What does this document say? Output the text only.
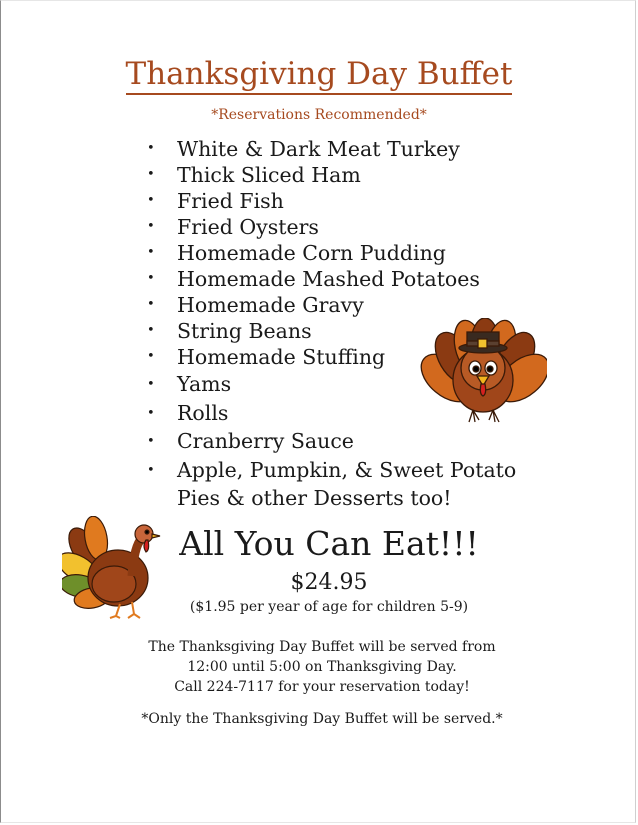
Thanksgiving Day Buffet
*Reservations Recommended*
• White & Dark Meat Turkey
• Thick Sliced Ham
• Fried Fish
• Fried Oysters
• Homemade Corn Pudding
• Homemade Mashed Potatoes
• Homemade Gravy
• String Beans
• Homemade Stuffing
• Yams
• Rolls
• Cranberry Sauce
• Apple, Pumpkin, & Sweet Potato
Pies & other Desserts too!
All You Can Eat!!!
$24.95
($1.95 per year of age for children 5-9)
The Thanksgiving Day Buffet will be served from
12:00 until 5:00 on Thanksgiving Day.
Call 224-7117 for your reservation today!
*Only the Thanksgiving Day Buffet will be served.*
